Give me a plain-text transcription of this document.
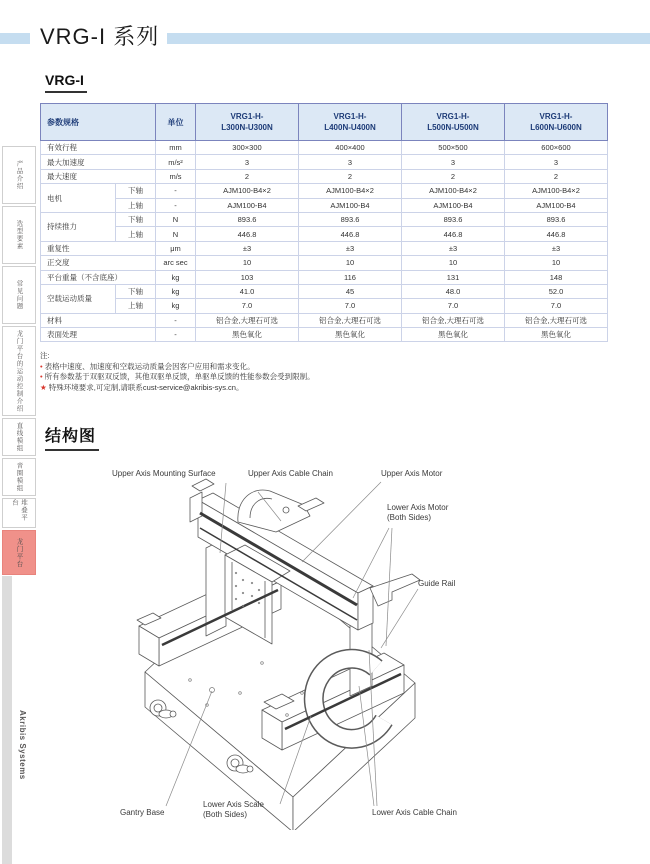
产品介绍
选型要素
常见问题
龙门平台的运动控制介绍
直线模组
音圈模组
堆叠平台
龙门平台
Akribis Systems
VRG-I 系列
VRG-I
参数规格		单位	VRG1-H-
L300N-U300N	VRG1-H-
L400N-U400N	VRG1-H-
L500N-U500N	VRG1-H-
L600N-U600N
有效行程		mm	300×300	400×400	500×500	600×600
最大加速度		m/s²	3	3	3	3
最大速度		m/s	2	2	2	2
电机	下轴	-	AJM100-B4×2	AJM100-B4×2	AJM100-B4×2	AJM100-B4×2
	上轴	-	AJM100-B4	AJM100-B4	AJM100-B4	AJM100-B4
持续推力	下轴	N	893.6	893.6	893.6	893.6
	上轴	N	446.8	446.8	446.8	446.8
重复性		μm	±3	±3	±3	±3
正交度		arc sec	10	10	10	10
平台重量（不含底座）		kg	103	116	131	148
空载运动质量	下轴	kg	41.0	45	48.0	52.0
	上轴	kg	7.0	7.0	7.0	7.0
材料		-	铝合金,大理石可选	铝合金,大理石可选	铝合金,大理石可选	铝合金,大理石可选
表面处理		-	黑色氧化	黑色氧化	黑色氧化	黑色氧化
注:
• 表格中速度、加速度和空载运动质量会因客户应用和需求变化。
• 所有参数基于双驱双反馈，其他双驱单反馈，单驱单反馈的性能参数会受到限制。
★ 特殊环境要求,可定制,请联系cust-service@akribis-sys.cn。
结构图
Upper Axis Mounting Surface	Upper Axis Cable Chain	Upper Axis Motor
Lower Axis Motor
(Both Sides)
Guide Rail
Gantry Base
Lower Axis Scale
(Both Sides)	Lower Axis Cable Chain
